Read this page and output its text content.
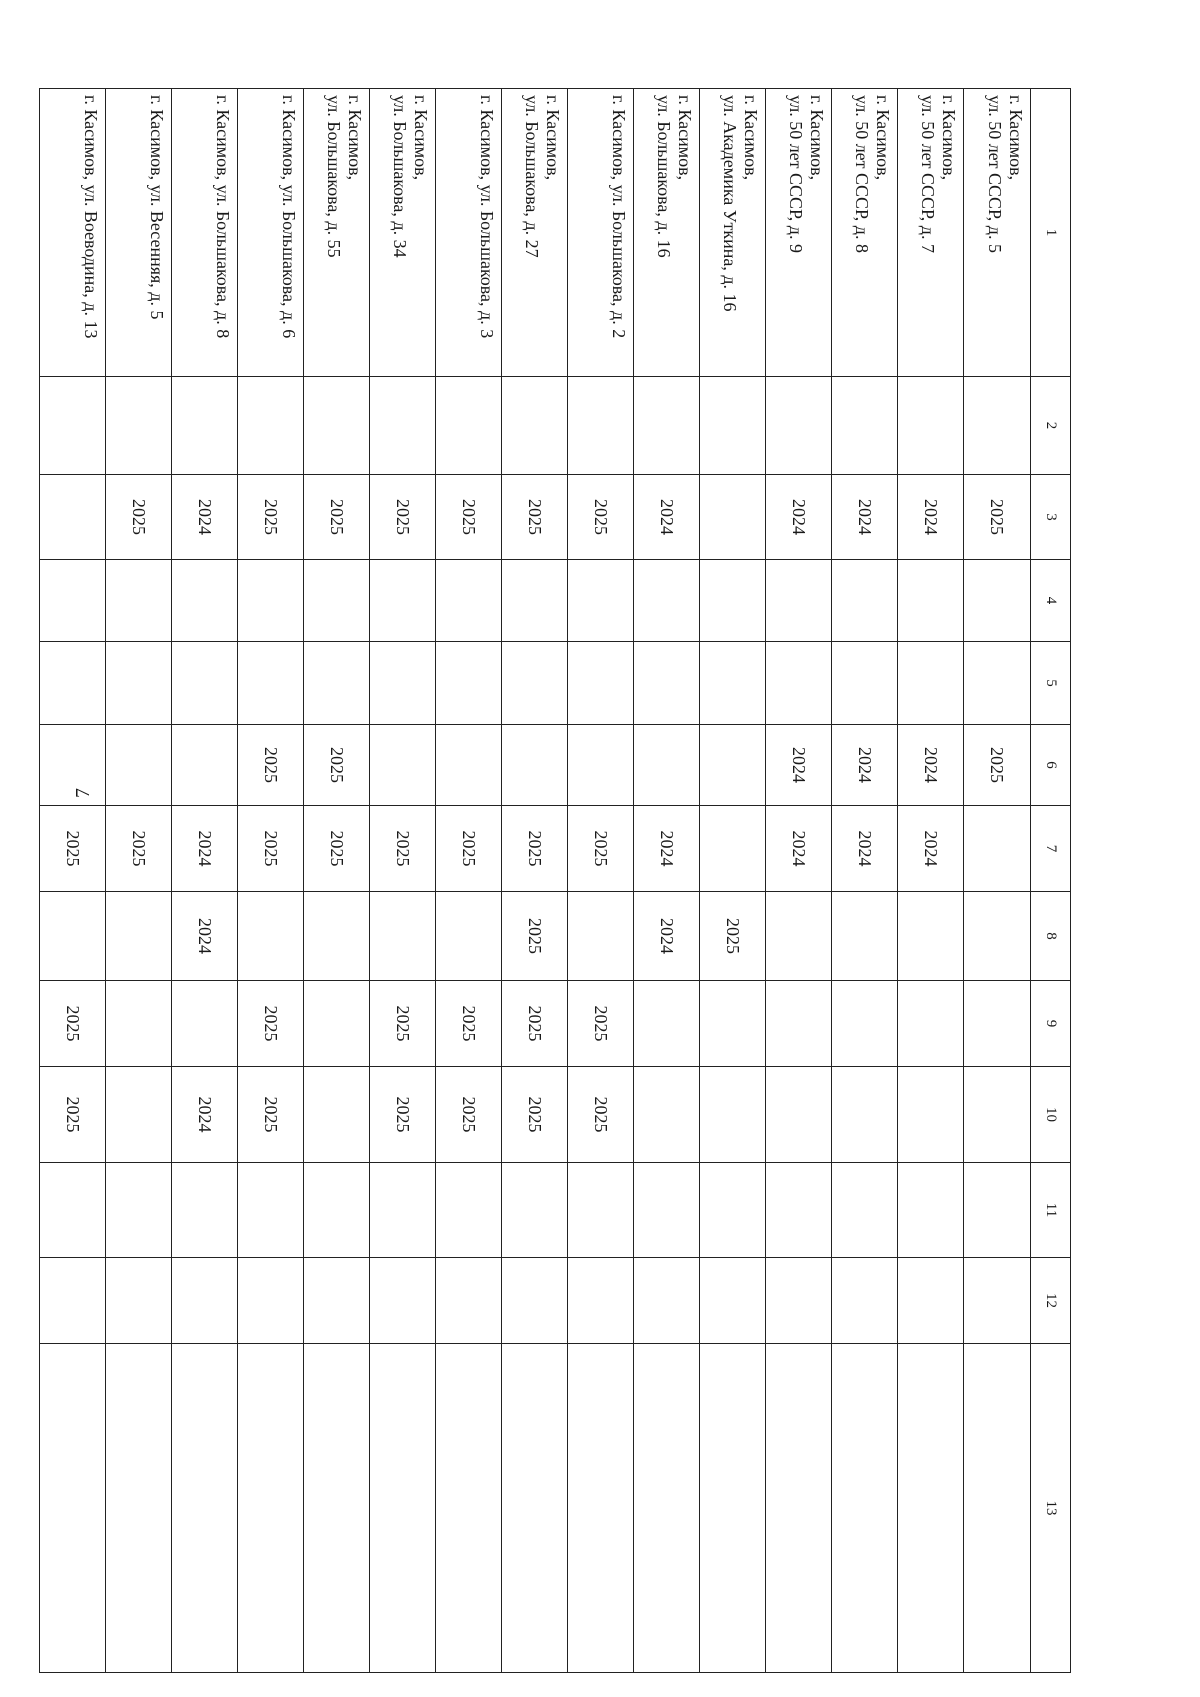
7
1	2	3	4	5	6	7	8	9	10	11	12	13

г. Касимов,
ул. 50 лет СССР, д. 5		2025			2025							

г. Касимов,
ул. 50 лет СССР, д. 7		2024			2024	2024						

г. Касимов,
ул. 50 лет СССР, д. 8		2024			2024	2024						

г. Касимов,
ул. 50 лет СССР, д. 9		2024			2024	2024						

г. Касимов,
ул. Академика Уткина, д. 16							2025					

г. Касимов,
ул. Большакова, д. 16		2024				2024	2024					

г. Касимов, ул. Большакова, д. 2		2025				2025		2025	2025			

г. Касимов,
ул. Большакова, д. 27		2025				2025	2025	2025	2025			

г. Касимов, ул. Большакова, д. 3		2025				2025		2025	2025			

г. Касимов,
ул. Большакова, д. 34		2025				2025		2025	2025			

г. Касимов,
ул. Большакова, д. 55		2025			2025	2025						

г. Касимов, ул. Большакова, д. 6		2025			2025	2025		2025	2025			

г. Касимов, ул. Большакова, д. 8		2024				2024	2024		2024			

г. Касимов, ул. Весенняя, д. 5		2025				2025						

г. Касимов, ул. Воеводина, д. 13						2025		2025	2025			
